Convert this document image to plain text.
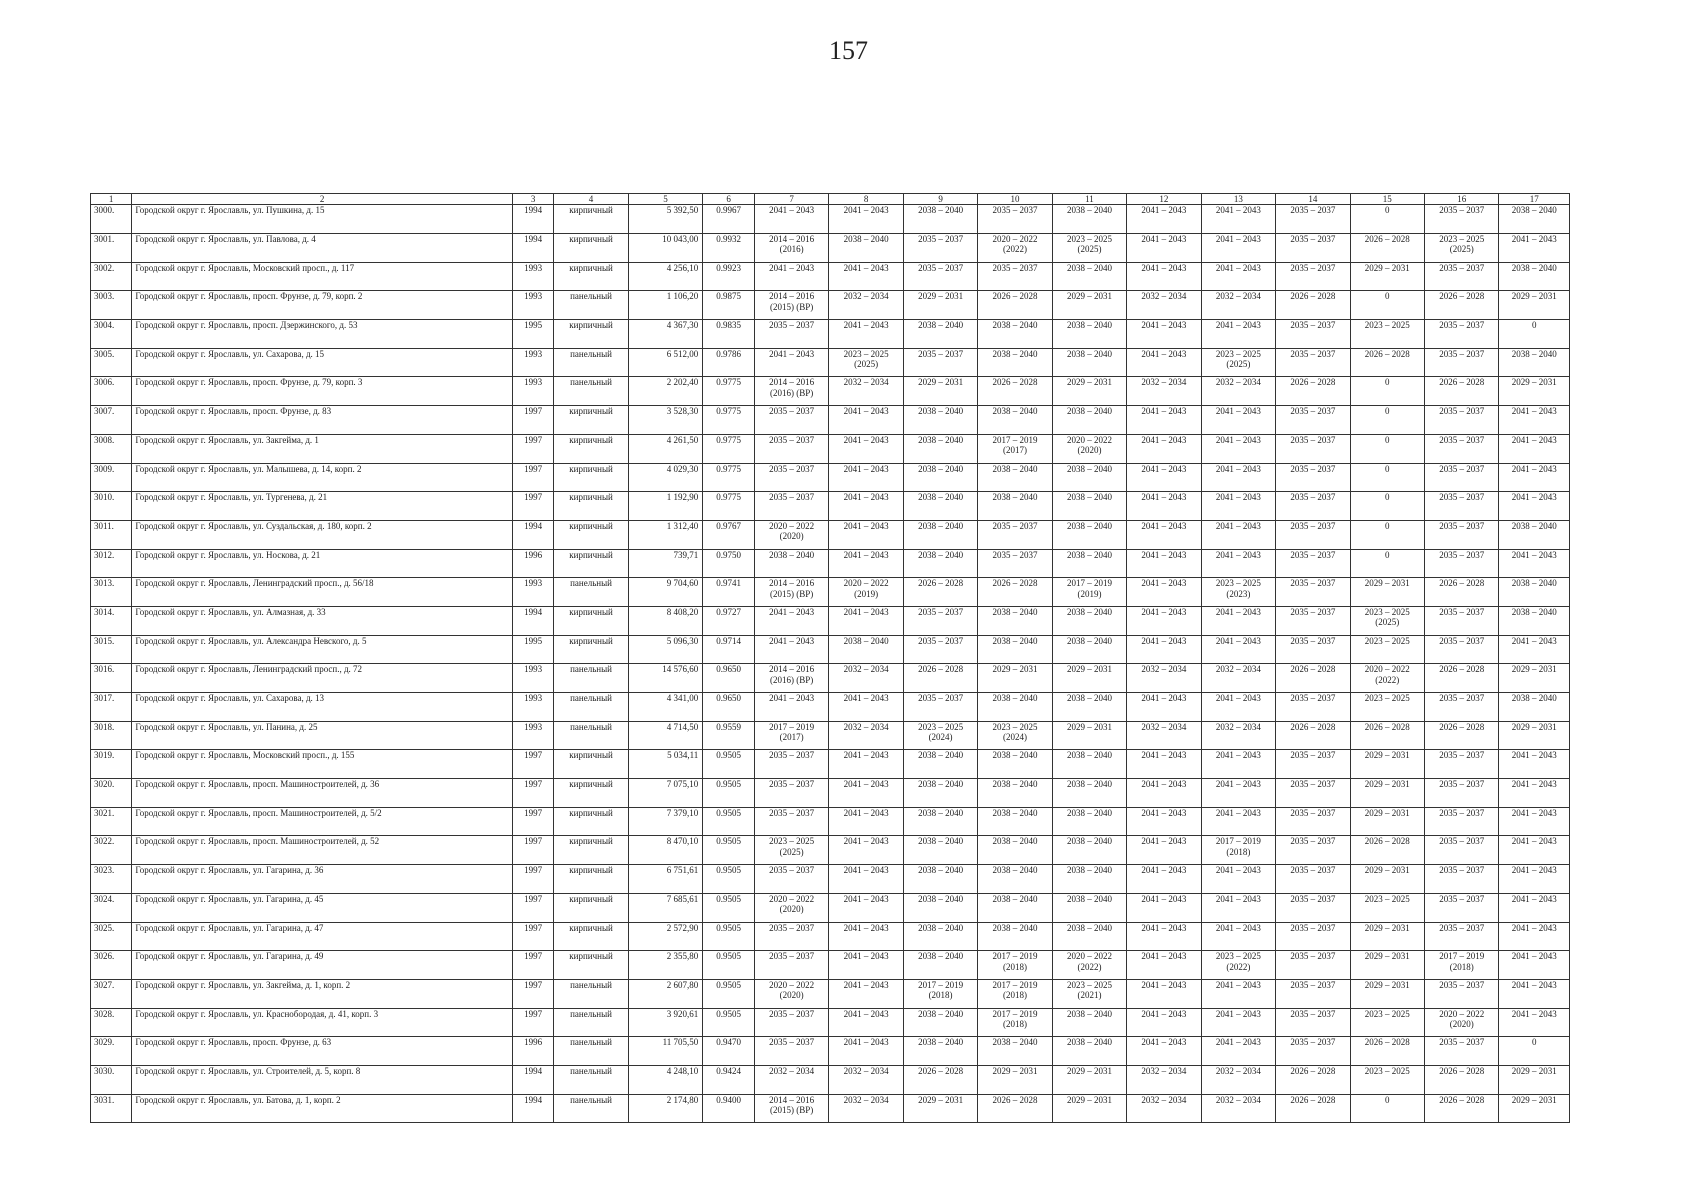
157
1	2	3	4	5	6	7	8	9	10	11	12	13	14	15	16	17
3000.	Городской округ г. Ярославль, ул. Пушкина, д. 15	1994	кирпичный	5 392,50	0.9967	2041 – 2043	2041 – 2043	2038 – 2040	2035 – 2037	2038 – 2040	2041 – 2043	2041 – 2043	2035 – 2037	0	2035 – 2037	2038 – 2040
3001.	Городской округ г. Ярославль, ул. Павлова, д. 4	1994	кирпичный	10 043,00	0.9932	2014 – 2016 (2016)	2038 – 2040	2035 – 2037	2020 – 2022 (2022)	2023 – 2025 (2025)	2041 – 2043	2041 – 2043	2035 – 2037	2026 – 2028	2023 – 2025 (2025)	2041 – 2043
3002.	Городской округ г. Ярославль, Московский просп., д. 117	1993	кирпичный	4 256,10	0.9923	2041 – 2043	2041 – 2043	2035 – 2037	2035 – 2037	2038 – 2040	2041 – 2043	2041 – 2043	2035 – 2037	2029 – 2031	2035 – 2037	2038 – 2040
3003.	Городской округ г. Ярославль, просп. Фрунзе, д. 79, корп. 2	1993	панельный	1 106,20	0.9875	2014 – 2016 (2015) (ВР)	2032 – 2034	2029 – 2031	2026 – 2028	2029 – 2031	2032 – 2034	2032 – 2034	2026 – 2028	0	2026 – 2028	2029 – 2031
3004.	Городской округ г. Ярославль, просп. Дзержинского, д. 53	1995	кирпичный	4 367,30	0.9835	2035 – 2037	2041 – 2043	2038 – 2040	2038 – 2040	2038 – 2040	2041 – 2043	2041 – 2043	2035 – 2037	2023 – 2025	2035 – 2037	0
3005.	Городской округ г. Ярославль, ул. Сахарова, д. 15	1993	панельный	6 512,00	0.9786	2041 – 2043	2023 – 2025 (2025)	2035 – 2037	2038 – 2040	2038 – 2040	2041 – 2043	2023 – 2025 (2025)	2035 – 2037	2026 – 2028	2035 – 2037	2038 – 2040
3006.	Городской округ г. Ярославль, просп. Фрунзе, д. 79, корп. 3	1993	панельный	2 202,40	0.9775	2014 – 2016 (2016) (ВР)	2032 – 2034	2029 – 2031	2026 – 2028	2029 – 2031	2032 – 2034	2032 – 2034	2026 – 2028	0	2026 – 2028	2029 – 2031
3007.	Городской округ г. Ярославль, просп. Фрунзе, д. 83	1997	кирпичный	3 528,30	0.9775	2035 – 2037	2041 – 2043	2038 – 2040	2038 – 2040	2038 – 2040	2041 – 2043	2041 – 2043	2035 – 2037	0	2035 – 2037	2041 – 2043
3008.	Городской округ г. Ярославль, ул. Закгейма, д. 1	1997	кирпичный	4 261,50	0.9775	2035 – 2037	2041 – 2043	2038 – 2040	2017 – 2019 (2017)	2020 – 2022 (2020)	2041 – 2043	2041 – 2043	2035 – 2037	0	2035 – 2037	2041 – 2043
3009.	Городской округ г. Ярославль, ул. Малышева, д. 14, корп. 2	1997	кирпичный	4 029,30	0.9775	2035 – 2037	2041 – 2043	2038 – 2040	2038 – 2040	2038 – 2040	2041 – 2043	2041 – 2043	2035 – 2037	0	2035 – 2037	2041 – 2043
3010.	Городской округ г. Ярославль, ул. Тургенева, д. 21	1997	кирпичный	1 192,90	0.9775	2035 – 2037	2041 – 2043	2038 – 2040	2038 – 2040	2038 – 2040	2041 – 2043	2041 – 2043	2035 – 2037	0	2035 – 2037	2041 – 2043
3011.	Городской округ г. Ярославль, ул. Суздальская, д. 180, корп. 2	1994	кирпичный	1 312,40	0.9767	2020 – 2022 (2020)	2041 – 2043	2038 – 2040	2035 – 2037	2038 – 2040	2041 – 2043	2041 – 2043	2035 – 2037	0	2035 – 2037	2038 – 2040
3012.	Городской округ г. Ярославль, ул. Носкова, д. 21	1996	кирпичный	739,71	0.9750	2038 – 2040	2041 – 2043	2038 – 2040	2035 – 2037	2038 – 2040	2041 – 2043	2041 – 2043	2035 – 2037	0	2035 – 2037	2041 – 2043
3013.	Городской округ г. Ярославль, Ленинградский просп., д. 56/18	1993	панельный	9 704,60	0.9741	2014 – 2016 (2015) (ВР)	2020 – 2022 (2019)	2026 – 2028	2026 – 2028	2017 – 2019 (2019)	2041 – 2043	2023 – 2025 (2023)	2035 – 2037	2029 – 2031	2026 – 2028	2038 – 2040
3014.	Городской округ г. Ярославль, ул. Алмазная, д. 33	1994	кирпичный	8 408,20	0.9727	2041 – 2043	2041 – 2043	2035 – 2037	2038 – 2040	2038 – 2040	2041 – 2043	2041 – 2043	2035 – 2037	2023 – 2025 (2025)	2035 – 2037	2038 – 2040
3015.	Городской округ г. Ярославль, ул. Александра Невского, д. 5	1995	кирпичный	5 096,30	0.9714	2041 – 2043	2038 – 2040	2035 – 2037	2038 – 2040	2038 – 2040	2041 – 2043	2041 – 2043	2035 – 2037	2023 – 2025	2035 – 2037	2041 – 2043
3016.	Городской округ г. Ярославль, Ленинградский просп., д. 72	1993	панельный	14 576,60	0.9650	2014 – 2016 (2016) (ВР)	2032 – 2034	2026 – 2028	2029 – 2031	2029 – 2031	2032 – 2034	2032 – 2034	2026 – 2028	2020 – 2022 (2022)	2026 – 2028	2029 – 2031
3017.	Городской округ г. Ярославль, ул. Сахарова, д. 13	1993	панельный	4 341,00	0.9650	2041 – 2043	2041 – 2043	2035 – 2037	2038 – 2040	2038 – 2040	2041 – 2043	2041 – 2043	2035 – 2037	2023 – 2025	2035 – 2037	2038 – 2040
3018.	Городской округ г. Ярославль, ул. Панина, д. 25	1993	панельный	4 714,50	0.9559	2017 – 2019 (2017)	2032 – 2034	2023 – 2025 (2024)	2023 – 2025 (2024)	2029 – 2031	2032 – 2034	2032 – 2034	2026 – 2028	2026 – 2028	2026 – 2028	2029 – 2031
3019.	Городской округ г. Ярославль, Московский просп., д. 155	1997	кирпичный	5 034,11	0.9505	2035 – 2037	2041 – 2043	2038 – 2040	2038 – 2040	2038 – 2040	2041 – 2043	2041 – 2043	2035 – 2037	2029 – 2031	2035 – 2037	2041 – 2043
3020.	Городской округ г. Ярославль, просп. Машиностроителей, д. 36	1997	кирпичный	7 075,10	0.9505	2035 – 2037	2041 – 2043	2038 – 2040	2038 – 2040	2038 – 2040	2041 – 2043	2041 – 2043	2035 – 2037	2029 – 2031	2035 – 2037	2041 – 2043
3021.	Городской округ г. Ярославль, просп. Машиностроителей, д. 5/2	1997	кирпичный	7 379,10	0.9505	2035 – 2037	2041 – 2043	2038 – 2040	2038 – 2040	2038 – 2040	2041 – 2043	2041 – 2043	2035 – 2037	2029 – 2031	2035 – 2037	2041 – 2043
3022.	Городской округ г. Ярославль, просп. Машиностроителей, д. 52	1997	кирпичный	8 470,10	0.9505	2023 – 2025 (2025)	2041 – 2043	2038 – 2040	2038 – 2040	2038 – 2040	2041 – 2043	2017 – 2019 (2018)	2035 – 2037	2026 – 2028	2035 – 2037	2041 – 2043
3023.	Городской округ г. Ярославль, ул. Гагарина, д. 36	1997	кирпичный	6 751,61	0.9505	2035 – 2037	2041 – 2043	2038 – 2040	2038 – 2040	2038 – 2040	2041 – 2043	2041 – 2043	2035 – 2037	2029 – 2031	2035 – 2037	2041 – 2043
3024.	Городской округ г. Ярославль, ул. Гагарина, д. 45	1997	кирпичный	7 685,61	0.9505	2020 – 2022 (2020)	2041 – 2043	2038 – 2040	2038 – 2040	2038 – 2040	2041 – 2043	2041 – 2043	2035 – 2037	2023 – 2025	2035 – 2037	2041 – 2043
3025.	Городской округ г. Ярославль, ул. Гагарина, д. 47	1997	кирпичный	2 572,90	0.9505	2035 – 2037	2041 – 2043	2038 – 2040	2038 – 2040	2038 – 2040	2041 – 2043	2041 – 2043	2035 – 2037	2029 – 2031	2035 – 2037	2041 – 2043
3026.	Городской округ г. Ярославль, ул. Гагарина, д. 49	1997	кирпичный	2 355,80	0.9505	2035 – 2037	2041 – 2043	2038 – 2040	2017 – 2019 (2018)	2020 – 2022 (2022)	2041 – 2043	2023 – 2025 (2022)	2035 – 2037	2029 – 2031	2017 – 2019 (2018)	2041 – 2043
3027.	Городской округ г. Ярославль, ул. Закгейма, д. 1, корп. 2	1997	панельный	2 607,80	0.9505	2020 – 2022 (2020)	2041 – 2043	2017 – 2019 (2018)	2017 – 2019 (2018)	2023 – 2025 (2021)	2041 – 2043	2041 – 2043	2035 – 2037	2029 – 2031	2035 – 2037	2041 – 2043
3028.	Городской округ г. Ярославль, ул. Краснобородая, д. 41, корп. 3	1997	панельный	3 920,61	0.9505	2035 – 2037	2041 – 2043	2038 – 2040	2017 – 2019 (2018)	2038 – 2040	2041 – 2043	2041 – 2043	2035 – 2037	2023 – 2025	2020 – 2022 (2020)	2041 – 2043
3029.	Городской округ г. Ярославль, просп. Фрунзе, д. 63	1996	панельный	11 705,50	0.9470	2035 – 2037	2041 – 2043	2038 – 2040	2038 – 2040	2038 – 2040	2041 – 2043	2041 – 2043	2035 – 2037	2026 – 2028	2035 – 2037	0
3030.	Городской округ г. Ярославль, ул. Строителей, д. 5, корп. 8	1994	панельный	4 248,10	0.9424	2032 – 2034	2032 – 2034	2026 – 2028	2029 – 2031	2029 – 2031	2032 – 2034	2032 – 2034	2026 – 2028	2023 – 2025	2026 – 2028	2029 – 2031
3031.	Городской округ г. Ярославль, ул. Батова, д. 1, корп. 2	1994	панельный	2 174,80	0.9400	2014 – 2016 (2015) (ВР)	2032 – 2034	2029 – 2031	2026 – 2028	2029 – 2031	2032 – 2034	2032 – 2034	2026 – 2028	0	2026 – 2028	2029 – 2031
